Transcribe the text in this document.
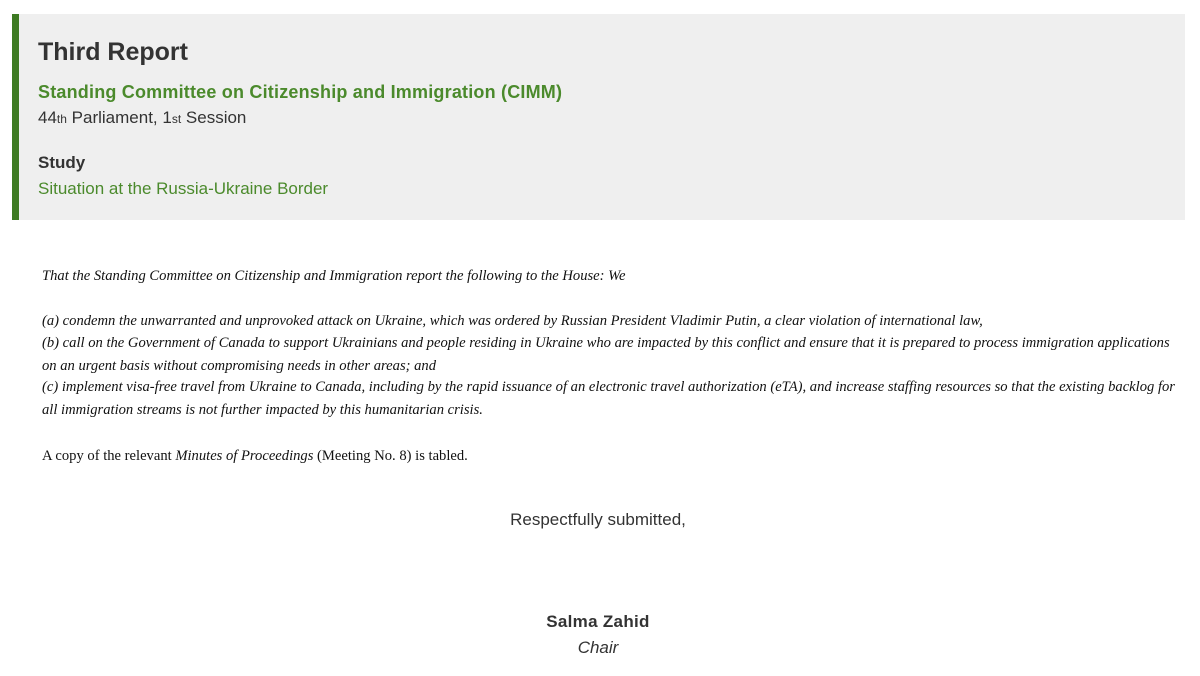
Third Report
Standing Committee on Citizenship and Immigration (CIMM)
44th Parliament, 1st Session
Study
Situation at the Russia-Ukraine Border
That the Standing Committee on Citizenship and Immigration report the following to the House: We
(a) condemn the unwarranted and unprovoked attack on Ukraine, which was ordered by Russian President Vladimir Putin, a clear violation of international law,
(b) call on the Government of Canada to support Ukrainians and people residing in Ukraine who are impacted by this conflict and ensure that it is prepared to process immigration applications on an urgent basis without compromising needs in other areas; and
(c) implement visa-free travel from Ukraine to Canada, including by the rapid issuance of an electronic travel authorization (eTA), and increase staffing resources so that the existing backlog for all immigration streams is not further impacted by this humanitarian crisis.
A copy of the relevant Minutes of Proceedings (Meeting No. 8) is tabled.
Respectfully submitted,
Salma Zahid
Chair
